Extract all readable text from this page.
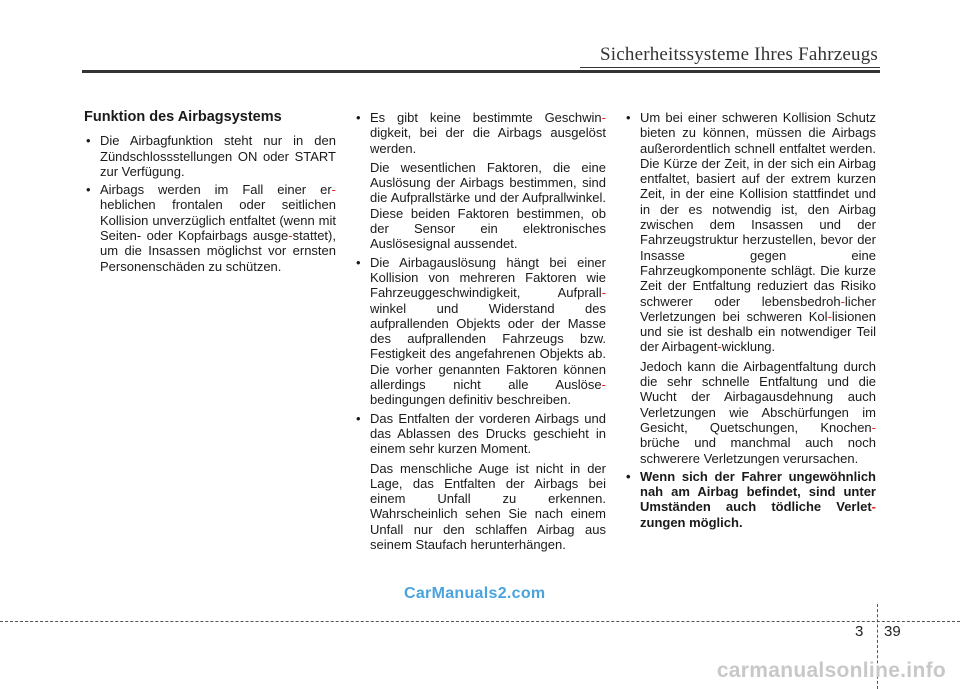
Sicherheitssysteme Ihres Fahrzeugs
Funktion des Airbagsystems
• Die Airbagfunktion steht nur in den Zündschlossstellungen ON oder START zur Verfügung.
• Airbags werden im Fall einer er-heblichen frontalen oder seitlichen Kollision unverzüglich entfaltet (wenn mit Seiten- oder Kopfairbags ausge-stattet), um die Insassen möglichst vor ernsten Personenschäden zu schützen.
• Es gibt keine bestimmte Geschwin-digkeit, bei der die Airbags ausgelöst werden.

Die wesentlichen Faktoren, die eine Auslösung der Airbags bestimmen, sind die Aufprallstärke und der Aufprallwinkel. Diese beiden Faktoren bestimmen, ob der Sensor ein elektronisches Auslösesignal aussendet.

• Die Airbagauslösung hängt bei einer Kollision von mehreren Faktoren wie Fahrzeuggeschwindigkeit, Aufprall-winkel und Widerstand des aufprallenden Objekts oder der Masse des aufprallenden Fahrzeugs bzw. Festigkeit des angefahrenen Objekts ab. Die vorher genannten Faktoren können allerdings nicht alle Auslöse-bedingungen definitiv beschreiben.
• Das Entfalten der vorderen Airbags und das Ablassen des Drucks geschieht in einem sehr kurzen Moment.

Das menschliche Auge ist nicht in der Lage, das Entfalten der Airbags bei einem Unfall zu erkennen. Wahrscheinlich sehen Sie nach einem Unfall nur den schlaffen Airbag aus seinem Staufach herunterhängen.

• Um bei einer schweren Kollision Schutz bieten zu können, müssen die Airbags außerordentlich schnell entfaltet werden. Die Kürze der Zeit, in der sich ein Airbag entfaltet, basiert auf der extrem kurzen Zeit, in der eine Kollision stattfindet und in der es notwendig ist, den Airbag zwischen dem Insassen und der Fahrzeugstruktur herzustellen, bevor der Insasse gegen eine Fahrzeugkomponente schlägt. Die kurze Zeit der Entfaltung reduziert das Risiko schwerer oder lebensbedroh-licher Verletzungen bei schweren Kol-lisionen und sie ist deshalb ein notwendiger Teil der Airbagent-wicklung.

Jedoch kann die Airbagentfaltung durch die sehr schnelle Entfaltung und die Wucht der Airbagausdehnung auch Verletzungen wie Abschürfungen im Gesicht, Quetschungen, Knochen-brüche und manchmal auch noch schwerere Verletzungen verursachen.

• Wenn sich der Fahrer ungewöhnlich nah am Airbag befindet, sind unter Umständen auch tödliche Verlet-zungen möglich.
CarManuals2.com
3 39
carmanualsonline.info
